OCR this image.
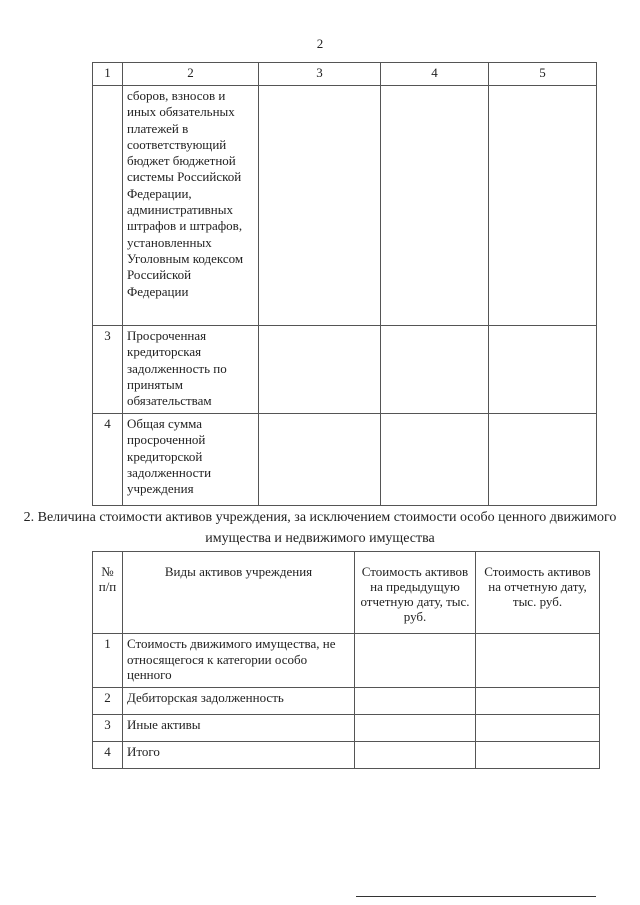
2
1	2	3	4	5
	сборов, взносов и иных обязательных платежей в соответствующий бюджет бюджетной системы Российской Федерации, административных штрафов и штрафов, установленных Уголовным кодексом Российской Федерации			
3	Просроченная кредиторская задолженность по принятым обязательствам			
4	Общая сумма просроченной кредиторской задолженности учреждения			
2. Величина стоимости активов учреждения, за исключением стоимости особо ценного движимого имущества и недвижимого имущества
№ п/п	Виды активов учреждения	Стоимость активов на предыдущую отчетную дату, тыс. руб.	Стоимость активов на отчетную дату, тыс. руб.
1	Стоимость движимого имущества, не относящегося к категории особо ценного		
2	Дебиторская задолженность		
3	Иные активы		
4	Итого		
